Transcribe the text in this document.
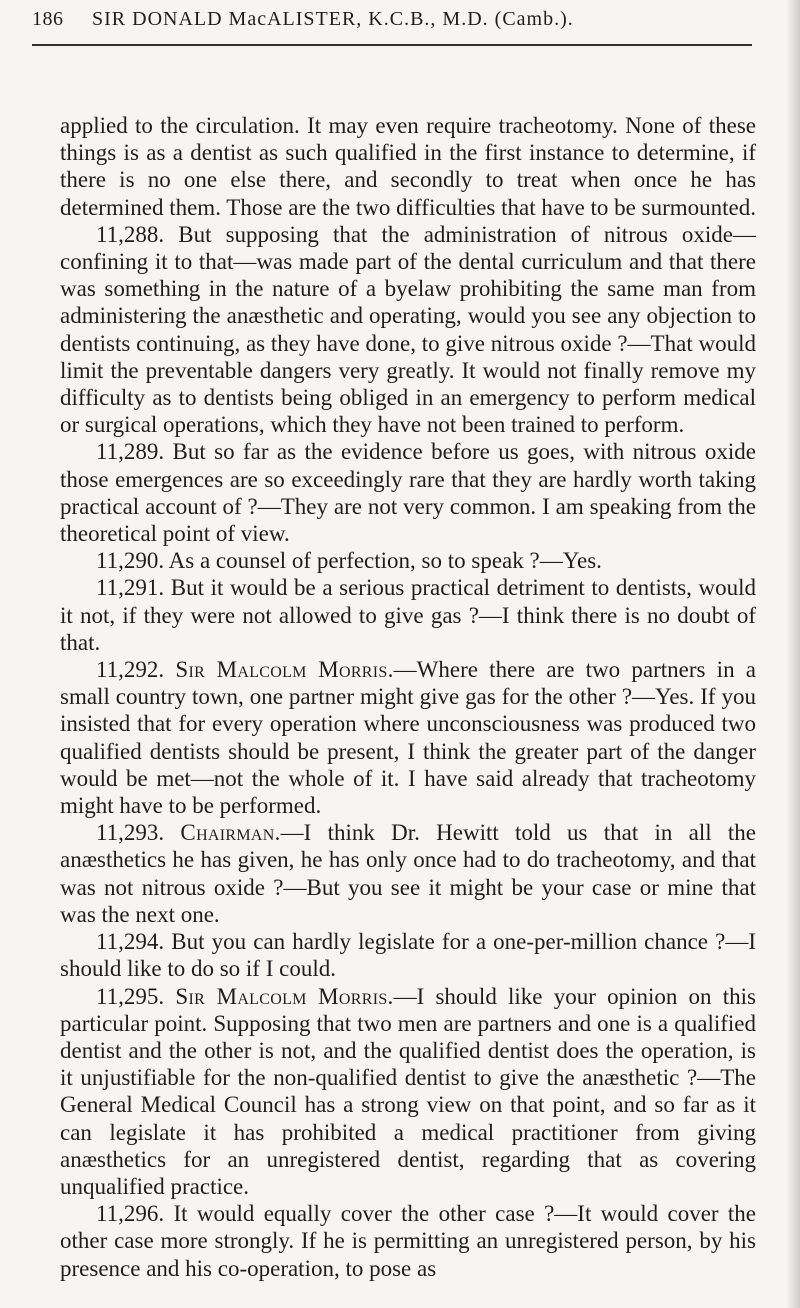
186 SIR DONALD MacALISTER, K.C.B., M.D. (Camb.).

applied to the circulation. It may even require tracheotomy. None of these things is as a dentist as such qualified in the first instance to determine, if there is no one else there, and secondly to treat when once he has determined them. Those are the two difficulties that have to be surmounted.

11,288. But supposing that the administration of nitrous oxide—confining it to that—was made part of the dental curriculum and that there was something in the nature of a byelaw prohibiting the same man from administering the anæsthetic and operating, would you see any objection to dentists continuing, as they have done, to give nitrous oxide ?—That would limit the preventable dangers very greatly. It would not finally remove my difficulty as to dentists being obliged in an emergency to perform medical or surgical operations, which they have not been trained to perform.

11,289. But so far as the evidence before us goes, with nitrous oxide those emergences are so exceedingly rare that they are hardly worth taking practical account of ?—They are not very common. I am speaking from the theoretical point of view.

11,290. As a counsel of perfection, so to speak ?—Yes.

11,291. But it would be a serious practical detriment to dentists, would it not, if they were not allowed to give gas ?—I think there is no doubt of that.

11,292. Sir Malcolm Morris.—Where there are two partners in a small country town, one partner might give gas for the other ?—Yes. If you insisted that for every operation where unconsciousness was produced two qualified dentists should be present, I think the greater part of the danger would be met—not the whole of it. I have said already that tracheotomy might have to be performed.

11,293. Chairman.—I think Dr. Hewitt told us that in all the anæsthetics he has given, he has only once had to do tracheotomy, and that was not nitrous oxide ?—But you see it might be your case or mine that was the next one.

11,294. But you can hardly legislate for a one-per-million chance ?—I should like to do so if I could.

11,295. Sir Malcolm Morris.—I should like your opinion on this particular point. Supposing that two men are partners and one is a qualified dentist and the other is not, and the qualified dentist does the operation, is it unjustifiable for the non-qualified dentist to give the anæsthetic ?—The General Medical Council has a strong view on that point, and so far as it can legislate it has prohibited a medical practitioner from giving anæsthetics for an unregistered dentist, regarding that as covering unqualified practice.

11,296. It would equally cover the other case ?—It would cover the other case more strongly. If he is permitting an unregistered person, by his presence and his co-operation, to pose as
